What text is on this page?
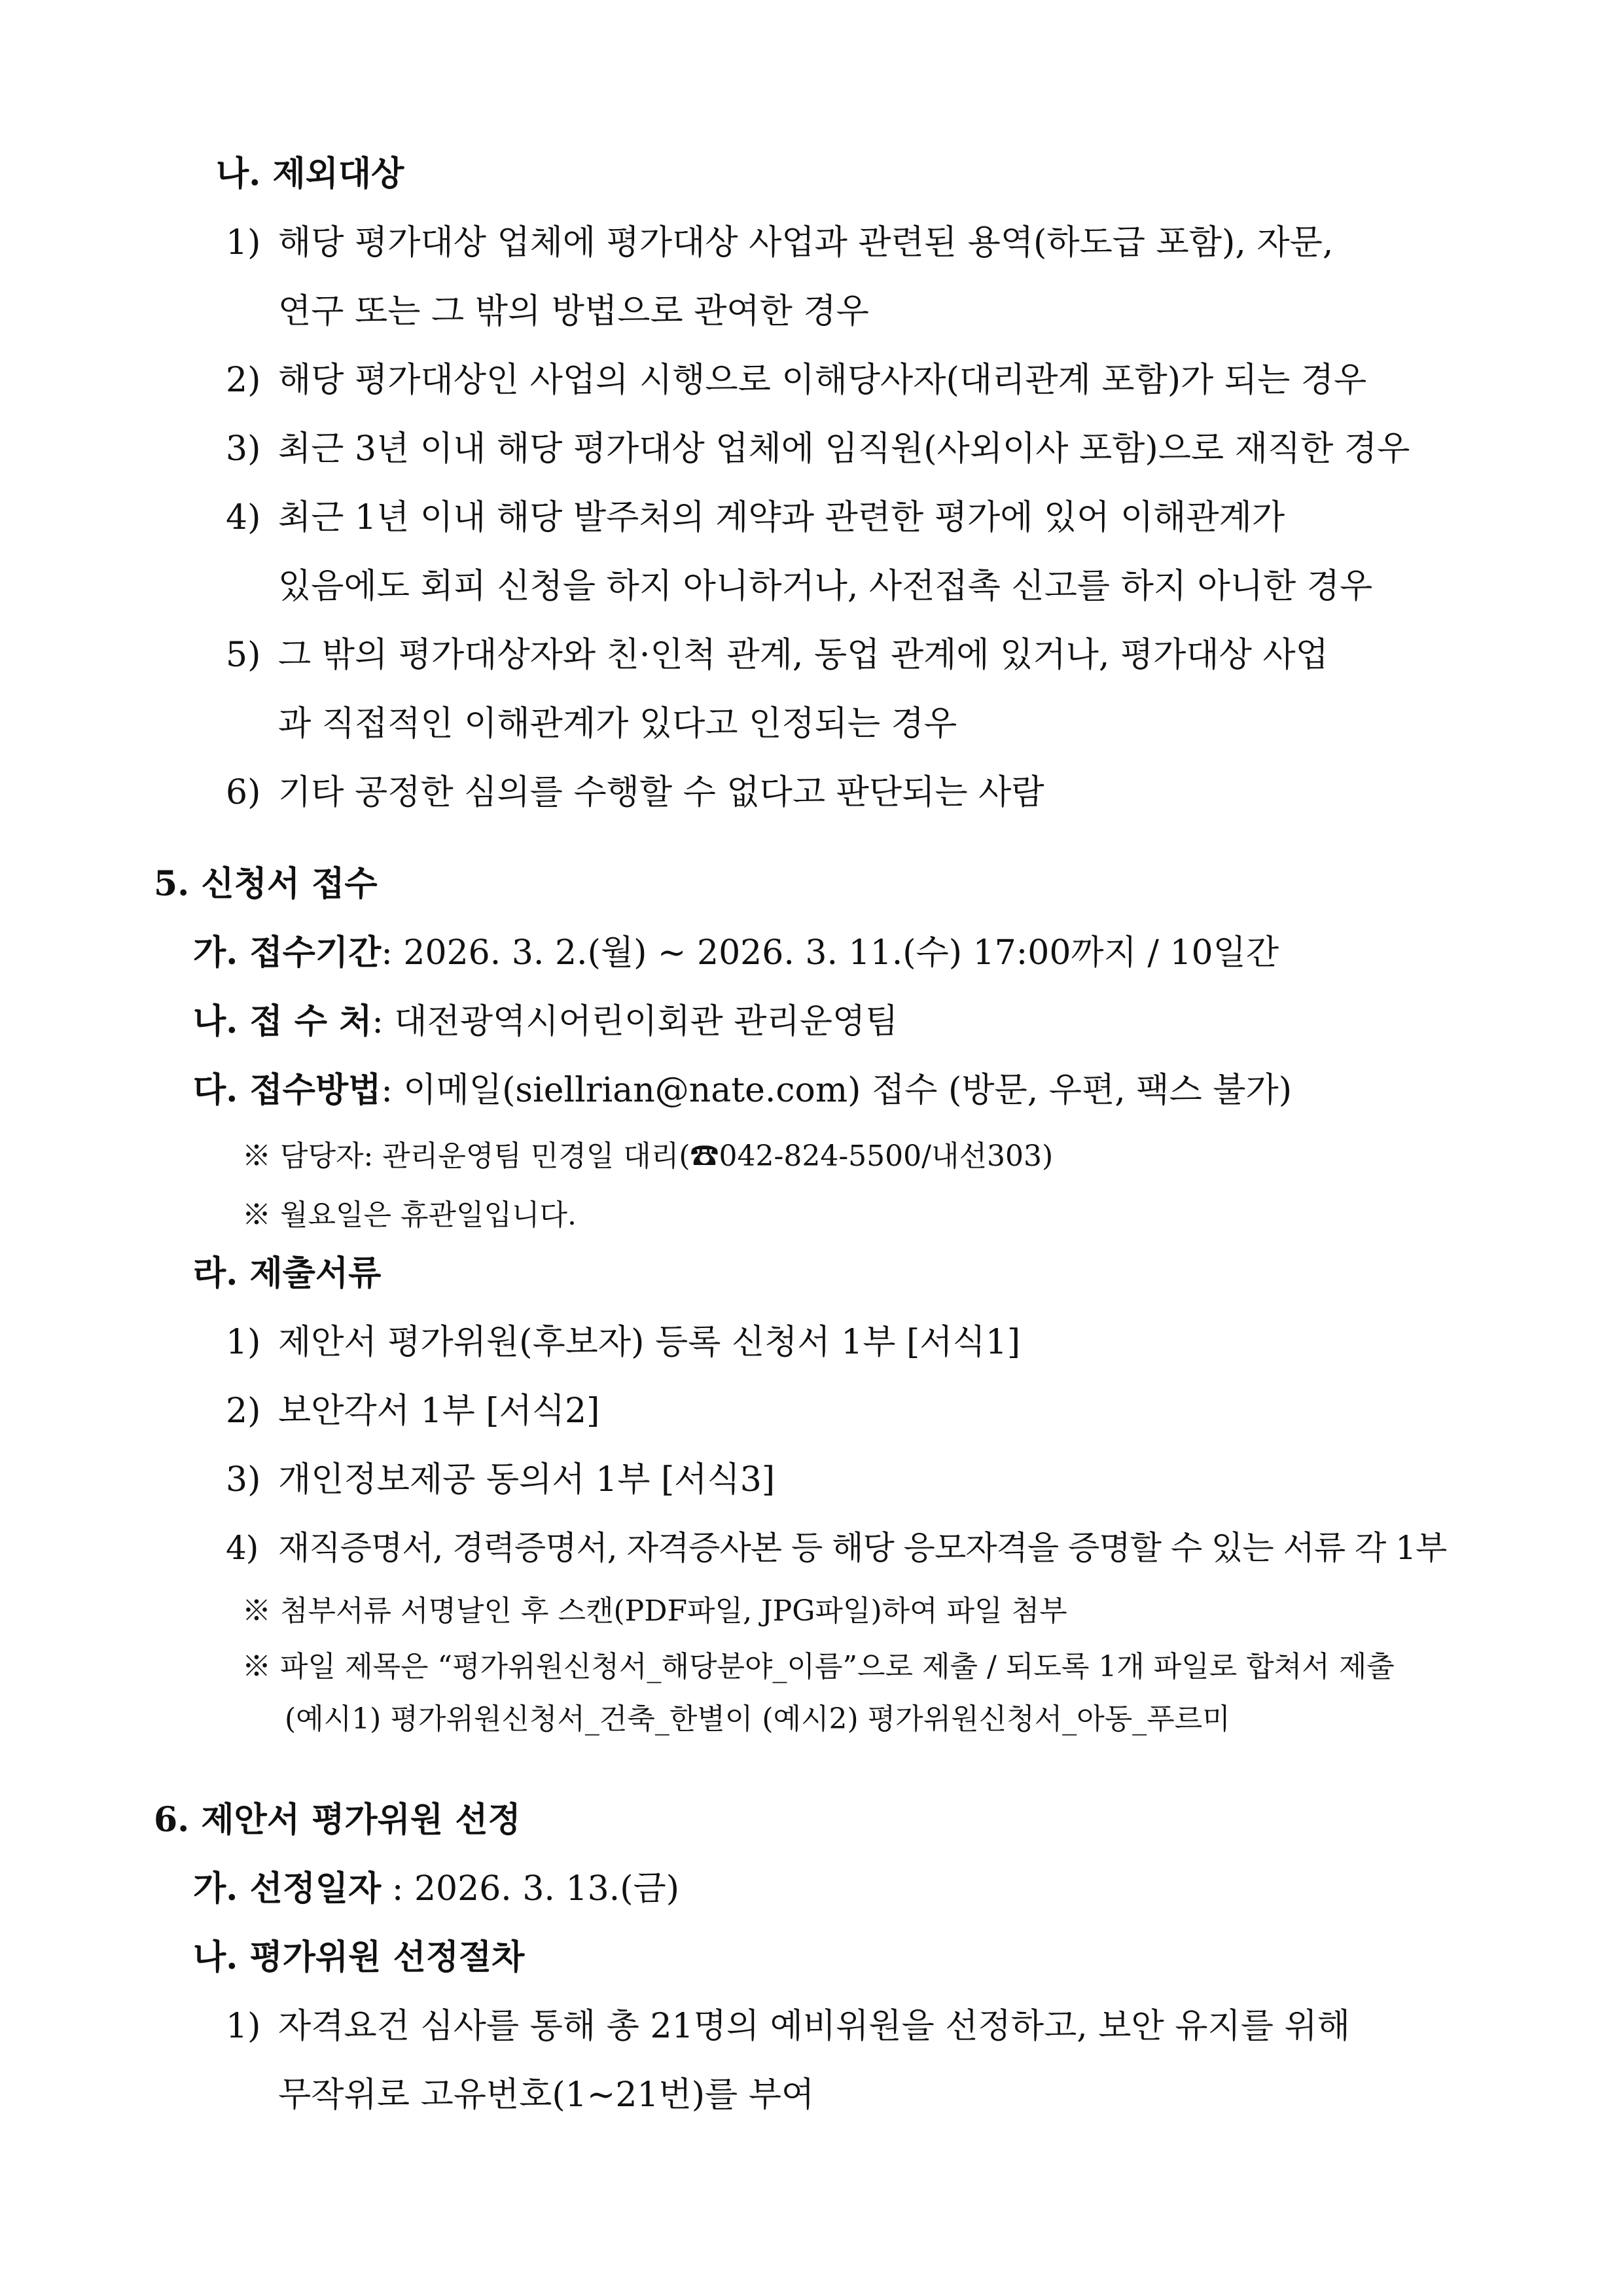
나. 제외대상
1) 해당 평가대상 업체에 평가대상 사업과 관련된 용역(하도급 포함), 자문,
연구 또는 그 밖의 방법으로 관여한 경우
2) 해당 평가대상인 사업의 시행으로 이해당사자(대리관계 포함)가 되는 경우
3) 최근 3년 이내 해당 평가대상 업체에 임직원(사외이사 포함)으로 재직한 경우
4) 최근 1년 이내 해당 발주처의 계약과 관련한 평가에 있어 이해관계가
있음에도 회피 신청을 하지 아니하거나, 사전접촉 신고를 하지 아니한 경우
5) 그 밖의 평가대상자와 친·인척 관계, 동업 관계에 있거나, 평가대상 사업
과 직접적인 이해관계가 있다고 인정되는 경우
6) 기타 공정한 심의를 수행할 수 없다고 판단되는 사람
5. 신청서 접수
가. 접수기간: 2026. 3. 2.(월) ~ 2026. 3. 11.(수) 17:00까지 / 10일간
나. 접 수 처: 대전광역시어린이회관 관리운영팀
다. 접수방법: 이메일(siellrian@nate.com) 접수 (방문, 우편, 팩스 불가)
※ 담당자: 관리운영팀 민경일 대리(☎042-824-5500/내선303)
※ 월요일은 휴관일입니다.
라. 제출서류
1) 제안서 평가위원(후보자) 등록 신청서 1부 [서식1]
2) 보안각서 1부 [서식2]
3) 개인정보제공 동의서 1부 [서식3]
4) 재직증명서, 경력증명서, 자격증사본 등 해당 응모자격을 증명할 수 있는 서류 각 1부
※ 첨부서류 서명날인 후 스캔(PDF파일, JPG파일)하여 파일 첨부
※ 파일 제목은 “평가위원신청서_해당분야_이름”으로 제출 / 되도록 1개 파일로 합쳐서 제출
(예시1) 평가위원신청서_건축_한별이 (예시2) 평가위원신청서_아동_푸르미
6. 제안서 평가위원 선정
가. 선정일자 : 2026. 3. 13.(금)
나. 평가위원 선정절차
1) 자격요건 심사를 통해 총 21명의 예비위원을 선정하고, 보안 유지를 위해
무작위로 고유번호(1~21번)를 부여
